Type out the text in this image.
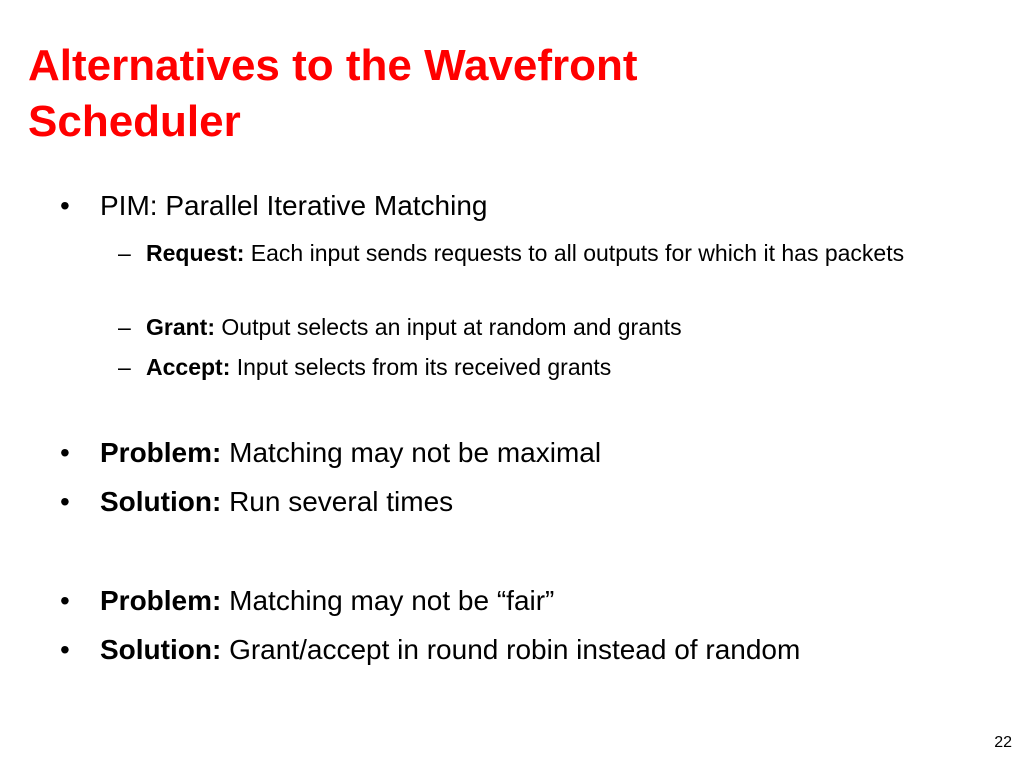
Alternatives to the Wavefront
Scheduler
• PIM: Parallel Iterative Matching
– Request: Each input sends requests to all outputs for which it has packets
– Grant: Output selects an input at random and grants
– Accept: Input selects from its received grants
• Problem: Matching may not be maximal
• Solution: Run several times
• Problem: Matching may not be “fair”
• Solution: Grant/accept in round robin instead of random
22
